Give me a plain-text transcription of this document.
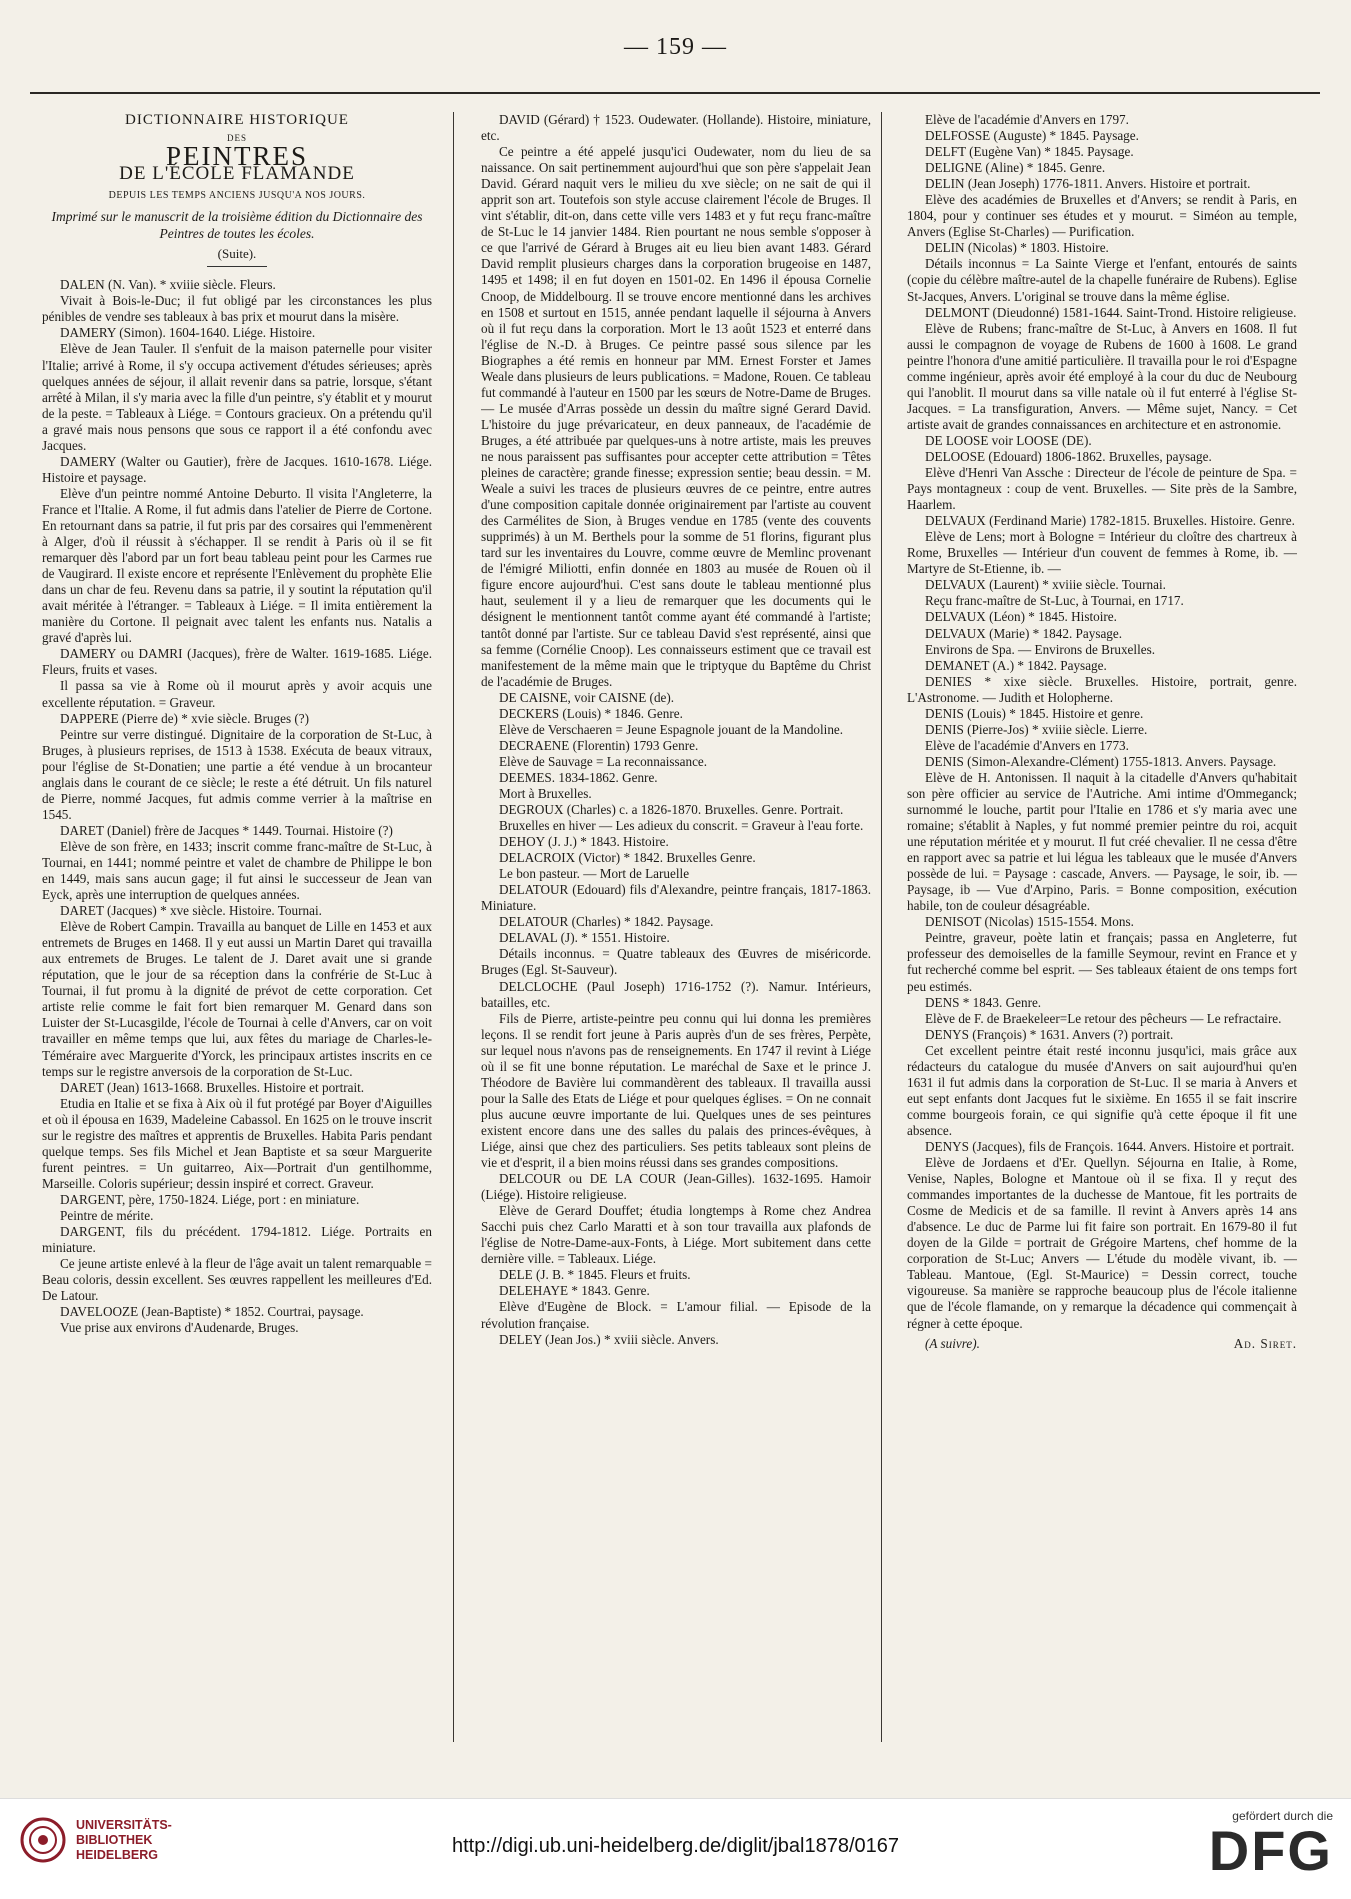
— 159 —
DICTIONNAIRE HISTORIQUE
DES
PEINTRES
DE L'ÉCOLE FLAMANDE
DEPUIS LES TEMPS ANCIENS JUSQU'A NOS JOURS.
Imprimé sur le manuscrit de la troisième édition du Dictionnaire des Peintres de toutes les écoles.
(Suite).

DALEN (N. Van). * xviiie siècle. Fleurs.

Vivait à Bois-le-Duc; il fut obligé par les circonstances les plus pénibles de vendre ses tableaux à bas prix et mourut dans la misère.

DAMERY (Simon). 1604-1640. Liége. Histoire.

Elève de Jean Tauler. Il s'enfuit de la maison paternelle pour visiter l'Italie; arrivé à Rome, il s'y occupa activement d'études sérieuses; après quelques années de séjour, il allait revenir dans sa patrie, lorsque, s'étant arrêté à Milan, il s'y maria avec la fille d'un peintre, s'y établit et y mourut de la peste. = Tableaux à Liége. = Contours gracieux. On a prétendu qu'il a gravé mais nous pensons que sous ce rapport il a été confondu avec Jacques.

DAMERY (Walter ou Gautier), frère de Jacques. 1610-1678. Liége. Histoire et paysage.

Elève d'un peintre nommé Antoine Deburto. Il visita l'Angleterre, la France et l'Italie. A Rome, il fut admis dans l'atelier de Pierre de Cortone. En retournant dans sa patrie, il fut pris par des corsaires qui l'emmenèrent à Alger, d'où il réussit à s'échapper. Il se rendit à Paris où il se fit remarquer dès l'abord par un fort beau tableau peint pour les Carmes rue de Vaugirard. Il existe encore et représente l'Enlèvement du prophète Elie dans un char de feu. Revenu dans sa patrie, il y soutint la réputation qu'il avait méritée à l'étranger. = Tableaux à Liége. = Il imita entièrement la manière du Cortone. Il peignait avec talent les enfants nus. Natalis a gravé d'après lui.

DAMERY ou DAMRI (Jacques), frère de Walter. 1619-1685. Liége. Fleurs, fruits et vases.

Il passa sa vie à Rome où il mourut après y avoir acquis une excellente réputation. = Graveur.

DAPPERE (Pierre de) * xvie siècle. Bruges (?)

Peintre sur verre distingué. Dignitaire de la corporation de St-Luc, à Bruges, à plusieurs reprises, de 1513 à 1538. Exécuta de beaux vitraux, pour l'église de St-Donatien; une partie a été vendue à un brocanteur anglais dans le courant de ce siècle; le reste a été détruit. Un fils naturel de Pierre, nommé Jacques, fut admis comme verrier à la maîtrise en 1545.

DARET (Daniel) frère de Jacques * 1449. Tournai. Histoire (?)

Elève de son frère, en 1433; inscrit comme franc-maître de St-Luc, à Tournai, en 1441; nommé peintre et valet de chambre de Philippe le bon en 1449, mais sans aucun gage; il fut ainsi le successeur de Jean van Eyck, après une interruption de quelques années.

DARET (Jacques) * xve siècle. Histoire. Tournai.

Elève de Robert Campin. Travailla au banquet de Lille en 1453 et aux entremets de Bruges en 1468. Il y eut aussi un Martin Daret qui travailla aux entremets de Bruges. Le talent de J. Daret avait une si grande réputation, que le jour de sa réception dans la confrérie de St-Luc à Tournai, il fut promu à la dignité de prévot de cette corporation. Cet artiste relie comme le fait fort bien remarquer M. Genard dans son Luister der St-Lucasgilde, l'école de Tournai à celle d'Anvers, car on voit travailler en même temps que lui, aux fêtes du mariage de Charles-le-Téméraire avec Marguerite d'Yorck, les principaux artistes inscrits en ce temps sur le registre anversois de la corporation de St-Luc.

DARET (Jean) 1613-1668. Bruxelles. Histoire et portrait.

Etudia en Italie et se fixa à Aix où il fut protégé par Boyer d'Aiguilles et où il épousa en 1639, Madeleine Cabassol. En 1625 on le trouve inscrit sur le registre des maîtres et apprentis de Bruxelles. Habita Paris pendant quelque temps. Ses fils Michel et Jean Baptiste et sa sœur Marguerite furent peintres. = Un guitarreo, Aix—Portrait d'un gentilhomme, Marseille. Coloris supérieur; dessin inspiré et correct. Graveur.

DARGENT, père, 1750-1824. Liége, port : en miniature.

Peintre de mérite.

DARGENT, fils du précédent. 1794-1812. Liége. Portraits en miniature.

Ce jeune artiste enlevé à la fleur de l'âge avait un talent remarquable = Beau coloris, dessin excellent. Ses œuvres rappellent les meilleures d'Ed. De Latour.

DAVELOOZE (Jean-Baptiste) * 1852. Courtrai, paysage.

Vue prise aux environs d'Audenarde, Bruges.

DAVID (Gérard) † 1523. Oudewater. (Hollande). Histoire, miniature, etc.

Ce peintre a été appelé jusqu'ici Oudewater, nom du lieu de sa naissance. On sait pertinemment aujourd'hui que son père s'appelait Jean David. Gérard naquit vers le milieu du xve siècle; on ne sait de qui il apprit son art. Toutefois son style accuse clairement l'école de Bruges. Il vint s'établir, dit-on, dans cette ville vers 1483 et y fut reçu franc-maître de St-Luc le 14 janvier 1484. Rien pourtant ne nous semble s'opposer à ce que l'arrivé de Gérard à Bruges ait eu lieu bien avant 1483. Gérard David remplit plusieurs charges dans la corporation brugeoise en 1487, 1495 et 1498; il en fut doyen en 1501-02. En 1496 il épousa Cornelie Cnoop, de Middelbourg. Il se trouve encore mentionné dans les archives en 1508 et surtout en 1515, année pendant laquelle il séjourna à Anvers où il fut reçu dans la corporation. Mort le 13 août 1523 et enterré dans l'église de N.-D. à Bruges. Ce peintre passé sous silence par les Biographes a été remis en honneur par MM. Ernest Forster et James Weale dans plusieurs de leurs publications. = Madone, Rouen. Ce tableau fut commandé à l'auteur en 1500 par les sœurs de Notre-Dame de Bruges. — Le musée d'Arras possède un dessin du maître signé Gerard David. L'histoire du juge prévaricateur, en deux panneaux, de l'académie de Bruges, a été attribuée par quelques-uns à notre artiste, mais les preuves ne nous paraissent pas suffisantes pour accepter cette attribution = Têtes pleines de caractère; grande finesse; expression sentie; beau dessin. = M. Weale a suivi les traces de plusieurs œuvres de ce peintre, entre autres d'une composition capitale donnée originairement par l'artiste au couvent des Carmélites de Sion, à Bruges vendue en 1785 (vente des couvents supprimés) à un M. Berthels pour la somme de 51 florins, figurant plus tard sur les inventaires du Louvre, comme œuvre de Memlinc provenant de l'émigré Miliotti, enfin donnée en 1803 au musée de Rouen où il figure encore aujourd'hui. C'est sans doute le tableau mentionné plus haut, seulement il y a lieu de remarquer que les documents qui le désignent le mentionnent tantôt comme ayant été commandé à l'artiste; tantôt donné par l'artiste. Sur ce tableau David s'est représenté, ainsi que sa femme (Cornélie Cnoop). Les connaisseurs estiment que ce travail est manifestement de la même main que le triptyque du Baptême du Christ de l'académie de Bruges.

DE CAISNE, voir CAISNE (de).

DECKERS (Louis) * 1846. Genre.

Elève de Verschaeren = Jeune Espagnole jouant de la Mandoline.

DECRAENE (Florentin) 1793 Genre.

Elève de Sauvage = La reconnaissance.

DEEMES. 1834-1862. Genre.

Mort à Bruxelles.

DEGROUX (Charles) c. a 1826-1870. Bruxelles. Genre. Portrait.

Bruxelles en hiver — Les adieux du conscrit. = Graveur à l'eau forte.

DEHOY (J. J.) * 1843. Histoire.

DELACROIX (Victor) * 1842. Bruxelles Genre.

Le bon pasteur. — Mort de Laruelle

DELATOUR (Edouard) fils d'Alexandre, peintre français, 1817-1863. Miniature.

DELATOUR (Charles) * 1842. Paysage.

DELAVAL (J). * 1551. Histoire.

Détails inconnus. = Quatre tableaux des Œuvres de miséricorde. Bruges (Egl. St-Sauveur).

DELCLOCHE (Paul Joseph) 1716-1752 (?). Namur. Intérieurs, batailles, etc.

Fils de Pierre, artiste-peintre peu connu qui lui donna les premières leçons. Il se rendit fort jeune à Paris auprès d'un de ses frères, Perpète, sur lequel nous n'avons pas de renseignements. En 1747 il revint à Liége où il se fit une bonne réputation. Le maréchal de Saxe et le prince J. Théodore de Bavière lui commandèrent des tableaux. Il travailla aussi pour la Salle des Etats de Liége et pour quelques églises. = On ne connait plus aucune œuvre importante de lui. Quelques unes de ses peintures existent encore dans une des salles du palais des princes-évêques, à Liége, ainsi que chez des particuliers. Ses petits tableaux sont pleins de vie et d'esprit, il a bien moins réussi dans ses grandes compositions.

DELCOUR ou DE LA COUR (Jean-Gilles). 1632-1695. Hamoir (Liége). Histoire religieuse.

Elève de Gerard Douffet; étudia longtemps à Rome chez Andrea Sacchi puis chez Carlo Maratti et à son tour travailla aux plafonds de l'église de Notre-Dame-aux-Fonts, à Liége. Mort subitement dans cette dernière ville. = Tableaux. Liége.

DELE (J. B. * 1845. Fleurs et fruits.

DELEHAYE * 1843. Genre.

Elève d'Eugène de Block. = L'amour filial. — Episode de la révolution française.

DELEY (Jean Jos.) * xviii siècle. Anvers.

Elève de l'académie d'Anvers en 1797.

DELFOSSE (Auguste) * 1845. Paysage.

DELFT (Eugène Van) * 1845. Paysage.

DELIGNE (Aline) * 1845. Genre.

DELIN (Jean Joseph) 1776-1811. Anvers. Histoire et portrait.

Elève des académies de Bruxelles et d'Anvers; se rendit à Paris, en 1804, pour y continuer ses études et y mourut. = Siméon au temple, Anvers (Eglise St-Charles) — Purification.

DELIN (Nicolas) * 1803. Histoire.

Détails inconnus = La Sainte Vierge et l'enfant, entourés de saints (copie du célèbre maître-autel de la chapelle funéraire de Rubens). Eglise St-Jacques, Anvers. L'original se trouve dans la même église.

DELMONT (Dieudonné) 1581-1644. Saint-Trond. Histoire religieuse.

Elève de Rubens; franc-maître de St-Luc, à Anvers en 1608. Il fut aussi le compagnon de voyage de Rubens de 1600 à 1608. Le grand peintre l'honora d'une amitié particulière. Il travailla pour le roi d'Espagne comme ingénieur, après avoir été employé à la cour du duc de Neubourg qui l'anoblit. Il mourut dans sa ville natale où il fut enterré à l'église St-Jacques. = La transfiguration, Anvers. — Même sujet, Nancy. = Cet artiste avait de grandes connaissances en architecture et en astronomie.

DE LOOSE voir LOOSE (DE).

DELOOSE (Edouard) 1806-1862. Bruxelles, paysage.

Elève d'Henri Van Assche : Directeur de l'école de peinture de Spa. = Pays montagneux : coup de vent. Bruxelles. — Site près de la Sambre, Haarlem.

DELVAUX (Ferdinand Marie) 1782-1815. Bruxelles. Histoire. Genre.

Elève de Lens; mort à Bologne = Intérieur du cloître des chartreux à Rome, Bruxelles — Intérieur d'un couvent de femmes à Rome, ib. — Martyre de St-Etienne, ib. —

DELVAUX (Laurent) * xviiie siècle. Tournai.

Reçu franc-maître de St-Luc, à Tournai, en 1717.

DELVAUX (Léon) * 1845. Histoire.

DELVAUX (Marie) * 1842. Paysage.

Environs de Spa. — Environs de Bruxelles.

DEMANET (A.) * 1842. Paysage.

DENIES * xixe siècle. Bruxelles. Histoire, portrait, genre. L'Astronome. — Judith et Holopherne.

DENIS (Louis) * 1845. Histoire et genre.

DENIS (Pierre-Jos) * xviiie siècle. Lierre.

Elève de l'académie d'Anvers en 1773.

DENIS (Simon-Alexandre-Clément) 1755-1813. Anvers. Paysage.

Elève de H. Antonissen. Il naquit à la citadelle d'Anvers qu'habitait son père officier au service de l'Autriche. Ami intime d'Ommeganck; surnommé le louche, partit pour l'Italie en 1786 et s'y maria avec une romaine; s'établit à Naples, y fut nommé premier peintre du roi, acquit une réputation méritée et y mourut. Il fut créé chevalier. Il ne cessa d'être en rapport avec sa patrie et lui légua les tableaux que le musée d'Anvers possède de lui. = Paysage : cascade, Anvers. — Paysage, le soir, ib. — Paysage, ib — Vue d'Arpino, Paris. = Bonne composition, exécution habile, ton de couleur désagréable.

DENISOT (Nicolas) 1515-1554. Mons.

Peintre, graveur, poète latin et français; passa en Angleterre, fut professeur des demoiselles de la famille Seymour, revint en France et y fut recherché comme bel esprit. — Ses tableaux étaient de ons temps fort peu estimés.

DENS * 1843. Genre.

Elève de F. de Braekeleer=Le retour des pêcheurs — Le refractaire.

DENYS (François) * 1631. Anvers (?) portrait.

Cet excellent peintre était resté inconnu jusqu'ici, mais grâce aux rédacteurs du catalogue du musée d'Anvers on sait aujourd'hui qu'en 1631 il fut admis dans la corporation de St-Luc. Il se maria à Anvers et eut sept enfants dont Jacques fut le sixième. En 1655 il se fait inscrire comme bourgeois forain, ce qui signifie qu'à cette époque il fit une absence.

DENYS (Jacques), fils de François. 1644. Anvers. Histoire et portrait.

Elève de Jordaens et d'Er. Quellyn. Séjourna en Italie, à Rome, Venise, Naples, Bologne et Mantoue où il se fixa. Il y reçut des commandes importantes de la duchesse de Mantoue, fit les portraits de Cosme de Medicis et de sa famille. Il revint à Anvers après 14 ans d'absence. Le duc de Parme lui fit faire son portrait. En 1679-80 il fut doyen de la Gilde = portrait de Grégoire Martens, chef homme de la corporation de St-Luc; Anvers — L'étude du modèle vivant, ib. — Tableau. Mantoue, (Egl. St-Maurice) = Dessin correct, touche vigoureuse. Sa manière se rapproche beaucoup plus de l'école italienne que de l'école flamande, on y remarque la décadence qui commençait à régner à cette époque.

(A suivre).	Ad. Siret.
UNIVERSITÄTS-
BIBLIOTHEK
HEIDELBERG	http://digi.ub.uni-heidelberg.de/diglit/jbal1878/0167
gefördert durch die
DFG
